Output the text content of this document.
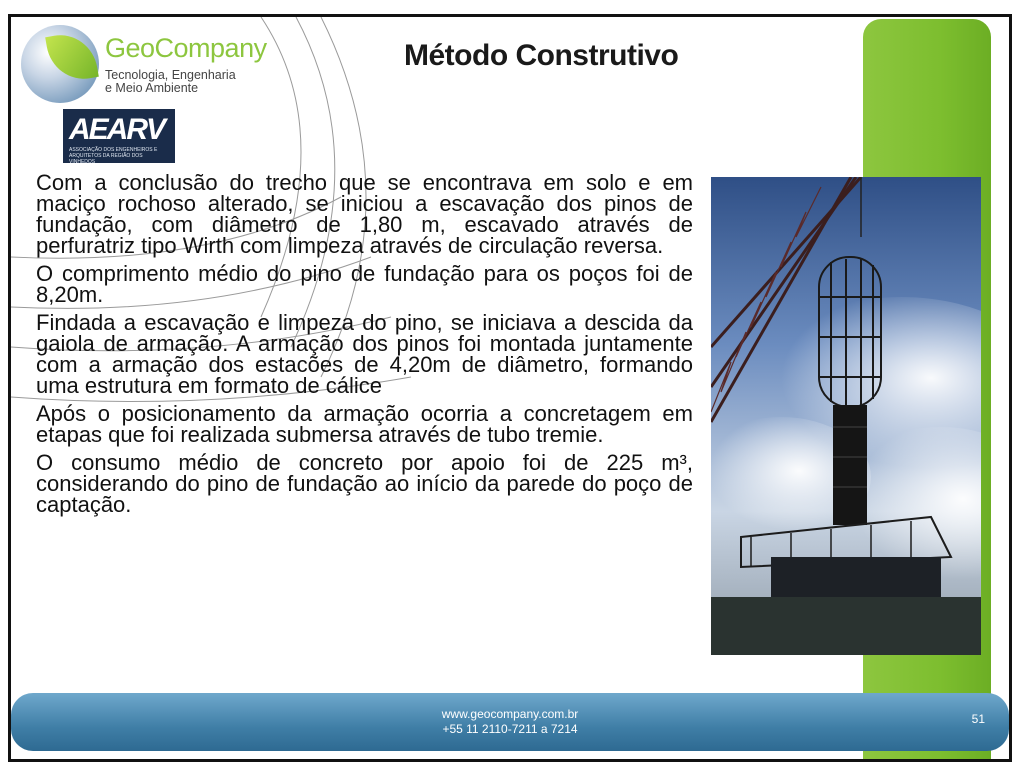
GeoCompany
Tecnologia, Engenharia
e Meio Ambiente
AEARV
ASSOCIAÇÃO DOS ENGENHEIROS E ARQUITETOS DA REGIÃO DOS VINHEDOS
Método Construtivo

Com a conclusão do trecho que se encontrava em solo e em maciço rochoso alterado, se iniciou a escavação dos pinos de fundação, com diâmetro de 1,80 m, escavado através de perfuratriz tipo Wirth com limpeza através de circulação reversa.

O comprimento médio do pino de fundação para os poços foi de 8,20m.

Findada a escavação e limpeza do pino, se iniciava a descida da gaiola de armação. A armação dos pinos foi montada juntamente com a armação dos estacões de 4,20m de diâmetro, formando uma estrutura em formato de cálice

Após o posicionamento da armação ocorria a concretagem em etapas que foi realizada submersa através de tubo tremie.

O consumo médio de concreto por apoio foi de 225 m³, considerando do pino de fundação ao início da parede do poço de captação.

www.geocompany.com.br
+55 11 2110-7211 a 7214
51
